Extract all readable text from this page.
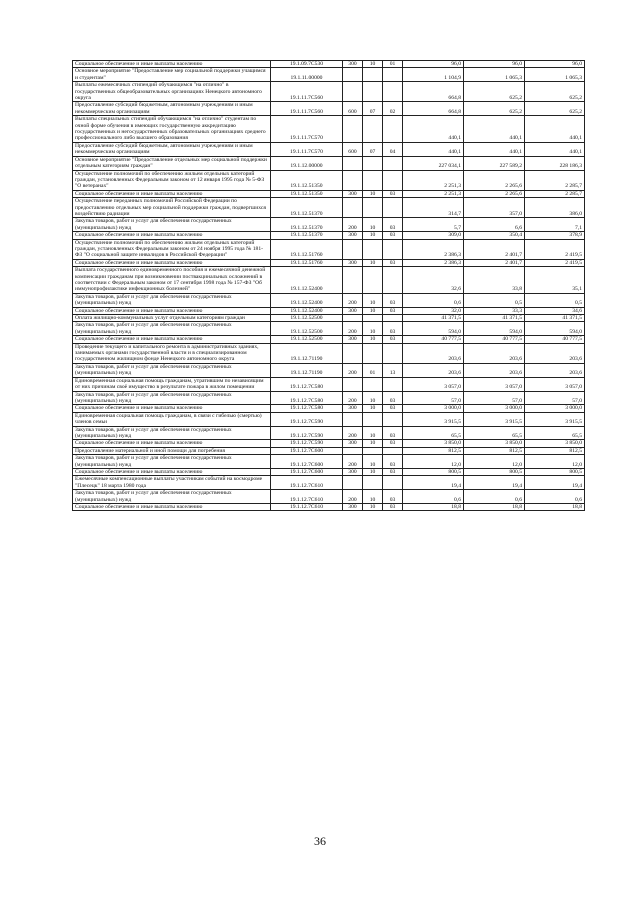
Социальное обеспечение и иные выплаты населению	19.1.09.7С530	300	10	01	96,0	96,0	96,0
Основное мероприятие "Предоставление мер социальной поддержки учащимся и студентам"	19.1.11.00000				1 104,9	1 065,3	1 065,3
Выплаты ежемесячных стипендий обучающимся "на отлично" в государственных общеобразовательных организациях Ненецкого автономного округа	19.1.11.7С560				664,8	625,2	625,2
Предоставление субсидий бюджетным, автономным учреждениям и иным некоммерческим организациям	19.1.11.7С560	600	07	02	664,8	625,2	625,2
Выплаты специальных стипендий обучающимся "на отлично" студентам по очной форме обучения в имеющих государственную аккредитацию государственных и негосударственных образовательных организациях среднего профессионального либо высшего образования	19.1.11.7С570				440,1	440,1	440,1
Предоставление субсидий бюджетным, автономным учреждениям и иным некоммерческим организациям	19.1.11.7С570	600	07	04	440,1	440,1	440,1
Основное мероприятие "Предоставление отдельных мер социальной поддержки отдельным категориям граждан"	19.1.12.00000				227 034,1	227 589,2	228 186,3
Осуществление полномочий по обеспечению жильем отдельных категорий граждан, установленных Федеральным законом от 12 января 1995 года № 5-ФЗ "О ветеранах"	19.1.12.51350				2 251,3	2 265,6	2 285,7
Социальное обеспечение и иные выплаты населению	19.1.12.51350	300	10	03	2 251,3	2 265,6	2 285,7
Осуществление переданных полномочий Российской Федерации по предоставлению отдельных мер социальной поддержки граждан, подвергшихся воздействию радиации	19.1.12.51370				314,7	357,0	386,0
Закупка товаров, работ и услуг для обеспечения государственных (муниципальных) нужд	19.1.12.51370	200	10	03	5,7	6,6	7,1
Социальное обеспечение и иные выплаты населению	19.1.12.51370	300	10	03	309,0	350,4	378,9
Осуществление полномочий по обеспечению жильем отдельных категорий граждан, установленных Федеральным законом от 24 ноября 1995 года № 181-ФЗ "О социальной защите инвалидов в Российской Федерации"	19.1.12.51760				2 386,3	2 401,7	2 419,5
Социальное обеспечение и иные выплаты населению	19.1.12.51760	300	10	03	2 386,3	2 401,7	2 419,5
Выплата государственного единовременного пособия и ежемесячной денежной компенсации гражданам при возникновении поствакцинальных осложнений в соответствии с Федеральным законом от 17 сентября 1998 года № 157-ФЗ "Об иммунопрофилактике инфекционных болезней"	19.1.12.52400				32,6	33,8	35,1
Закупка товаров, работ и услуг для обеспечения государственных (муниципальных) нужд	19.1.12.52400	200	10	03	0,6	0,5	0,5
Социальное обеспечение и иные выплаты населению	19.1.12.52400	300	10	03	32,0	33,3	34,6
Оплата жилищно-коммунальных услуг отдельным категориям граждан	19.1.12.52500				41 371,5	41 371,5	41 371,5
Закупка товаров, работ и услуг для обеспечения государственных (муниципальных) нужд	19.1.12.52500	200	10	03	594,0	594,0	594,0
Социальное обеспечение и иные выплаты населению	19.1.12.52500	300	10	03	40 777,5	40 777,5	40 777,5
Проведение текущего и капитального ремонта в административных зданиях, занимаемых органами государственной власти и в специализированном государственном жилищном фонде Ненецкого автономного округа	19.1.12.71190				203,6	203,6	203,6
Закупка товаров, работ и услуг для обеспечения государственных (муниципальных) нужд	19.1.12.71190	200	01	13	203,6	203,6	203,6
Единовременная социальная помощь гражданам, утратившим по независящим от них причинам своё имущество в результате пожара в жилом помещении	19.1.12.7С580				3 057,0	3 057,0	3 057,0
Закупка товаров, работ и услуг для обеспечения государственных (муниципальных) нужд	19.1.12.7С580	200	10	03	57,0	57,0	57,0
Социальное обеспечение и иные выплаты населению	19.1.12.7С580	300	10	03	3 000,0	3 000,0	3 000,0
Единовременная социальная помощь гражданам, в связи с гибелью (смертью) членов семьи	19.1.12.7С590				3 915,5	3 915,5	3 915,5
Закупка товаров, работ и услуг для обеспечения государственных (муниципальных) нужд	19.1.12.7С590	200	10	03	65,5	65,5	65,5
Социальное обеспечение и иные выплаты населению	19.1.12.7С590	300	10	03	3 850,0	3 850,0	3 850,0
Предоставление материальной и иной помощи для погребения	19.1.12.7С600				812,5	812,5	812,5
Закупка товаров, работ и услуг для обеспечения государственных (муниципальных) нужд	19.1.12.7С600	200	10	03	12,0	12,0	12,0
Социальное обеспечение и иные выплаты населению	19.1.12.7С600	300	10	03	800,5	800,5	800,5
Ежемесячные компенсационные выплаты участникам событий на космодроме "Плесецк" 18 марта 1980 года	19.1.12.7С610				19,4	19,4	19,4
Закупка товаров, работ и услуг для обеспечения государственных (муниципальных) нужд	19.1.12.7С610	200	10	03	0,6	0,6	0,6
Социальное обеспечение и иные выплаты населению	19.1.12.7С610	300	10	03	18,8	18,8	18,8
36
